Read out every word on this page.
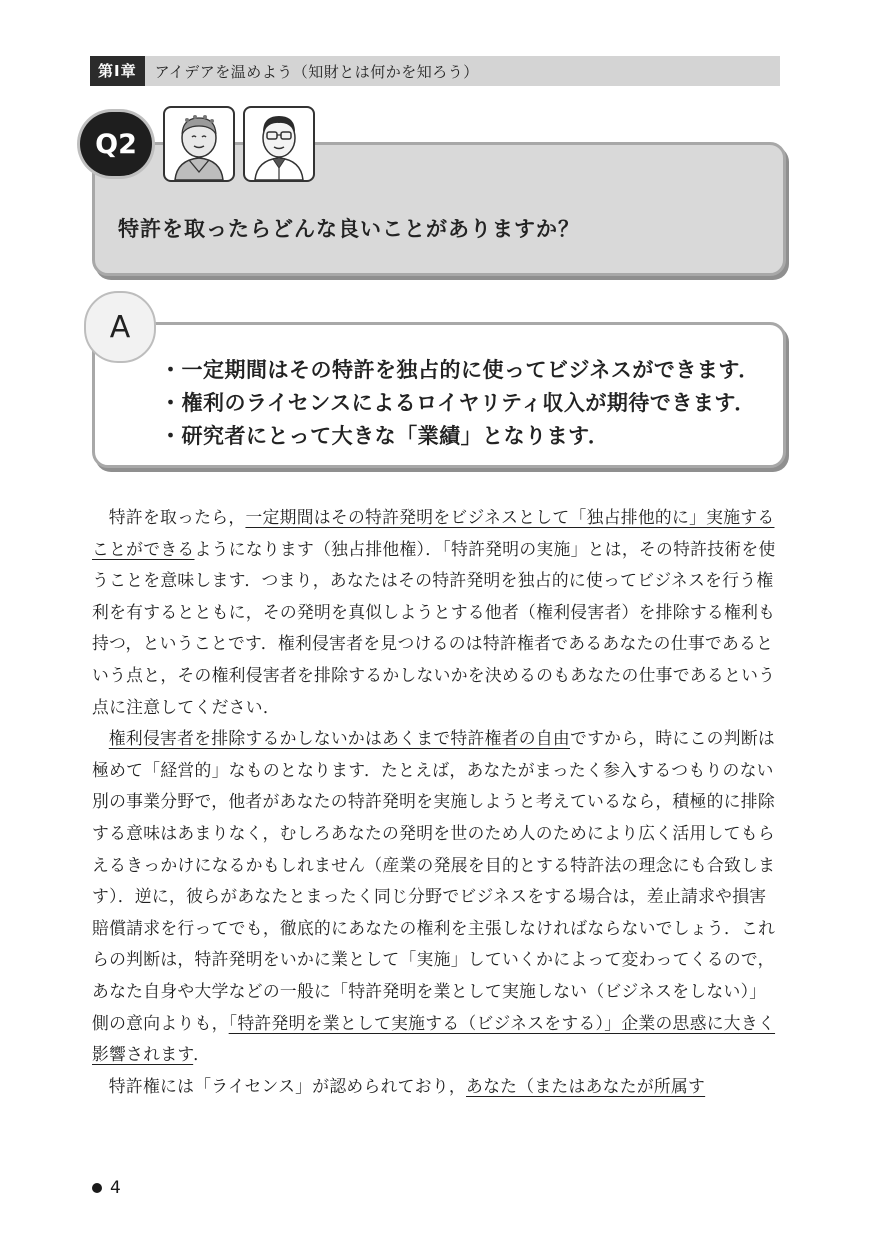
第Ⅰ章	アイデアを温めよう（知財とは何かを知ろう）
Q2
特許を取ったらどんな良いことがありますか？
A
・一定期間はその特許を独占的に使ってビジネスができます．
・権利のライセンスによるロイヤリティ収入が期待できます．
・研究者にとって大きな「業績」となります．

特許を取ったら，一定期間はその特許発明をビジネスとして「独占排他的に」実施することができるようになります（独占排他権）．「特許発明の実施」とは，その特許技術を使うことを意味します．つまり，あなたはその特許発明を独占的に使ってビジネスを行う権利を有するとともに，その発明を真似しようとする他者（権利侵害者）を排除する権利も持つ，ということです．権利侵害者を見つけるのは特許権者であるあなたの仕事であるという点と，その権利侵害者を排除するかしないかを決めるのもあなたの仕事であるという点に注意してください．

権利侵害者を排除するかしないかはあくまで特許権者の自由ですから，時にこの判断は極めて「経営的」なものとなります．たとえば，あなたがまったく参入するつもりのない別の事業分野で，他者があなたの特許発明を実施しようと考えているなら，積極的に排除する意味はあまりなく，むしろあなたの発明を世のため人のためにより広く活用してもらえるきっかけになるかもしれません（産業の発展を目的とする特許法の理念にも合致します）．逆に，彼らがあなたとまったく同じ分野でビジネスをする場合は，差止請求や損害賠償請求を行ってでも，徹底的にあなたの権利を主張しなければならないでしょう．これらの判断は，特許発明をいかに業として「実施」していくかによって変わってくるので，あなた自身や大学などの一般に「特許発明を業として実施しない（ビジネスをしない）」側の意向よりも，「特許発明を業として実施する（ビジネスをする）」企業の思惑に大きく影響されます．

特許権には「ライセンス」が認められており，あなた（またはあなたが所属す

4
